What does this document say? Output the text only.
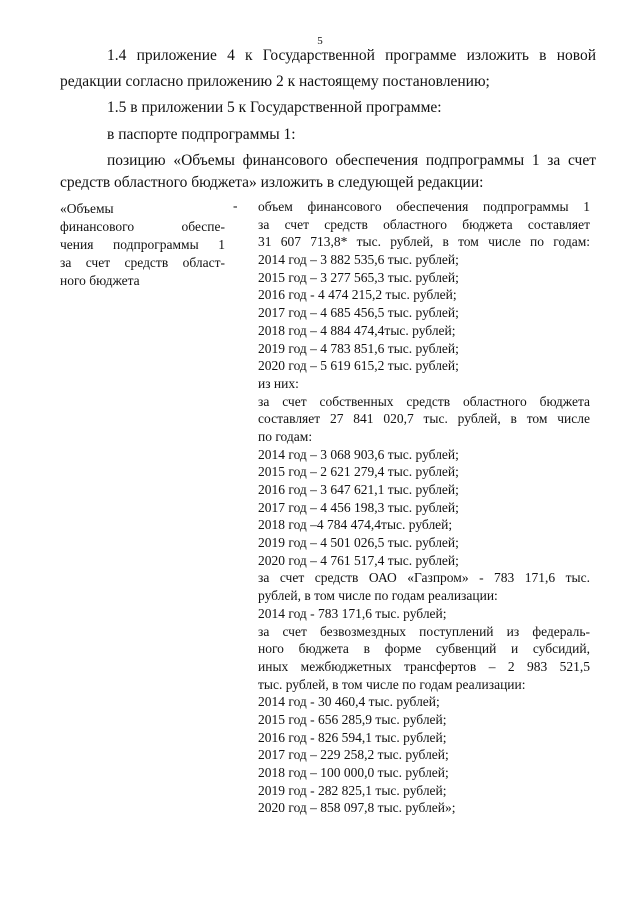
5
1.4 приложение 4 к Государственной программе изложить в новой
редакции согласно приложению 2 к настоящему постановлению;
1.5 в приложении 5 к Государственной программе:
в паспорте подпрограммы 1:
позицию «Объемы финансового обеспечения подпрограммы 1 за счет
средств областного бюджета» изложить в следующей редакции:
«Объемы
финансового обеспе-
чения подпрограммы 1
за счет средств област-
ного бюджета
- объем финансового обеспечения подпрограммы 1
за счет средств областного бюджета составляет
31 607 713,8* тыс. рублей, в том числе по годам:
2014 год – 3 882 535,6 тыс. рублей;
2015 год – 3 277 565,3 тыс. рублей;
2016 год - 4 474 215,2 тыс. рублей;
2017 год – 4 685 456,5 тыс. рублей;
2018 год – 4 884 474,4тыс. рублей;
2019 год – 4 783 851,6 тыс. рублей;
2020 год – 5 619 615,2 тыс. рублей;
из них:
за счет собственных средств областного бюджета
составляет 27 841 020,7 тыс. рублей, в том числе
по годам:
2014 год – 3 068 903,6 тыс. рублей;
2015 год – 2 621 279,4 тыс. рублей;
2016 год – 3 647 621,1 тыс. рублей;
2017 год – 4 456 198,3 тыс. рублей;
2018 год –4 784 474,4тыс. рублей;
2019 год – 4 501 026,5 тыс. рублей;
2020 год – 4 761 517,4 тыс. рублей;
за счет средств ОАО «Газпром» - 783 171,6 тыс.
рублей, в том числе по годам реализации:
2014 год - 783 171,6 тыс. рублей;
за счет безвозмездных поступлений из федераль-
ного бюджета в форме субвенций и субсидий,
иных межбюджетных трансфертов – 2 983 521,5
тыс. рублей, в том числе по годам реализации:
2014 год - 30 460,4 тыс. рублей;
2015 год - 656 285,9 тыс. рублей;
2016 год - 826 594,1 тыс. рублей;
2017 год – 229 258,2 тыс. рублей;
2018 год – 100 000,0 тыс. рублей;
2019 год - 282 825,1 тыс. рублей;
2020 год – 858 097,8 тыс. рублей»;
